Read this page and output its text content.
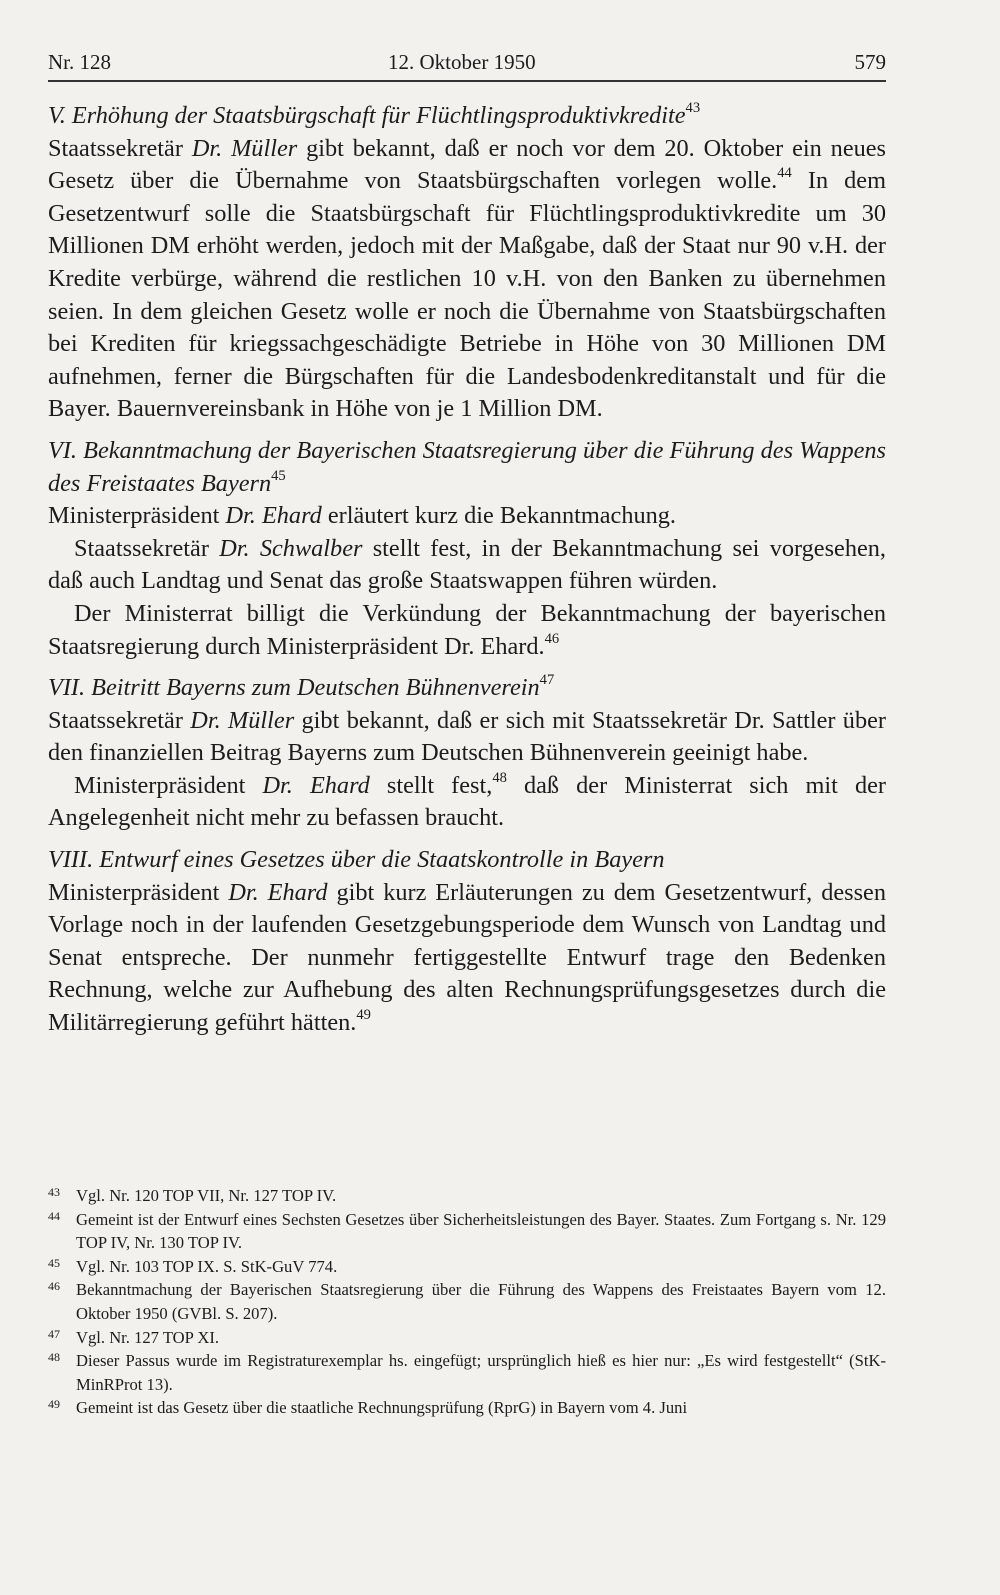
Nr. 128	12. Oktober 1950	579
V. Erhöhung der Staatsbürgschaft für Flüchtlingsproduktivkredite$^{43}$
Staatssekretär Dr. Müller gibt bekannt, daß er noch vor dem 20. Oktober ein neues Gesetz über die Übernahme von Staatsbürgschaften vorlegen wolle.$^{44}$ In dem Gesetzentwurf solle die Staatsbürgschaft für Flüchtlingsproduktivkredite um 30 Millionen DM erhöht werden, jedoch mit der Maßgabe, daß der Staat nur 90 v.H. der Kredite verbürge, während die restlichen 10 v.H. von den Banken zu übernehmen seien. In dem gleichen Gesetz wolle er noch die Übernahme von Staatsbürgschaften bei Krediten für kriegssachgeschädigte Betriebe in Höhe von 30 Millionen DM aufnehmen, ferner die Bürgschaften für die Landesbodenkreditanstalt und für die Bayer. Bauernvereinsbank in Höhe von je 1 Million DM.
VI. Bekanntmachung der Bayerischen Staatsregierung über die Führung des Wappens des Freistaates Bayern$^{45}$
Ministerpräsident Dr. Ehard erläutert kurz die Bekanntmachung.
Staatssekretär Dr. Schwalber stellt fest, in der Bekanntmachung sei vorgesehen, daß auch Landtag und Senat das große Staatswappen führen würden.
Der Ministerrat billigt die Verkündung der Bekanntmachung der bayerischen Staatsregierung durch Ministerpräsident Dr. Ehard.$^{46}$
VII. Beitritt Bayerns zum Deutschen Bühnenverein$^{47}$
Staatssekretär Dr. Müller gibt bekannt, daß er sich mit Staatssekretär Dr. Sattler über den finanziellen Beitrag Bayerns zum Deutschen Bühnenverein geeinigt habe.
Ministerpräsident Dr. Ehard stellt fest,$^{48}$ daß der Ministerrat sich mit der Angelegenheit nicht mehr zu befassen braucht.
VIII. Entwurf eines Gesetzes über die Staatskontrolle in Bayern
Ministerpräsident Dr. Ehard gibt kurz Erläuterungen zu dem Gesetzentwurf, dessen Vorlage noch in der laufenden Gesetzgebungsperiode dem Wunsch von Landtag und Senat entspreche. Der nunmehr fertiggestellte Entwurf trage den Bedenken Rechnung, welche zur Aufhebung des alten Rechnungsprüfungsgesetzes durch die Militärregierung geführt hätten.$^{49}$
43 Vgl. Nr. 120 TOP VII, Nr. 127 TOP IV.
44 Gemeint ist der Entwurf eines Sechsten Gesetzes über Sicherheitsleistungen des Bayer. Staates. Zum Fortgang s. Nr. 129 TOP IV, Nr. 130 TOP IV.
45 Vgl. Nr. 103 TOP IX. S. StK-GuV 774.
46 Bekanntmachung der Bayerischen Staatsregierung über die Führung des Wappens des Freistaates Bayern vom 12. Oktober 1950 (GVBl. S. 207).
47 Vgl. Nr. 127 TOP XI.
48 Dieser Passus wurde im Registraturexemplar hs. eingefügt; ursprünglich hieß es hier nur: „Es wird festgestellt“ (StK-MinRProt 13).
49 Gemeint ist das Gesetz über die staatliche Rechnungsprüfung (RprG) in Bayern vom 4. Juni
